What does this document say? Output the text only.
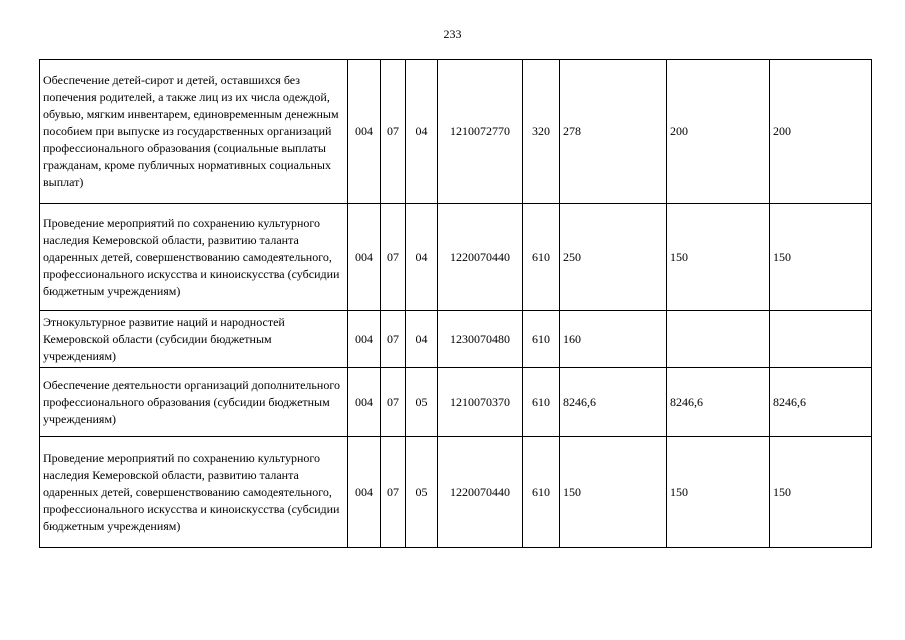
233
Обеспечение детей-сирот и детей, оставшихся без попечения родителей, а также лиц из их числа одеждой, обувью, мягким инвентарем, единовременным денежным пособием при выпуске из государственных организаций профессионального образования (социальные выплаты гражданам, кроме публичных нормативных социальных выплат)	004	07	04	1210072770	320	278	200	200
Проведение мероприятий по сохранению культурного наследия Кемеровской области, развитию таланта одаренных детей, совершенствованию самодеятельного, профессионального искусства и киноискусства (субсидии бюджетным учреждениям)	004	07	04	1220070440	610	250	150	150
Этнокультурное развитие наций и народностей Кемеровской области (субсидии бюджетным учреждениям)	004	07	04	1230070480	610	160		
Обеспечение деятельности организаций дополнительного профессионального образования (субсидии бюджетным учреждениям)	004	07	05	1210070370	610	8246,6	8246,6	8246,6
Проведение мероприятий по сохранению культурного наследия Кемеровской области, развитию таланта одаренных детей, совершенствованию самодеятельного, профессионального искусства и киноискусства (субсидии бюджетным учреждениям)	004	07	05	1220070440	610	150	150	150
